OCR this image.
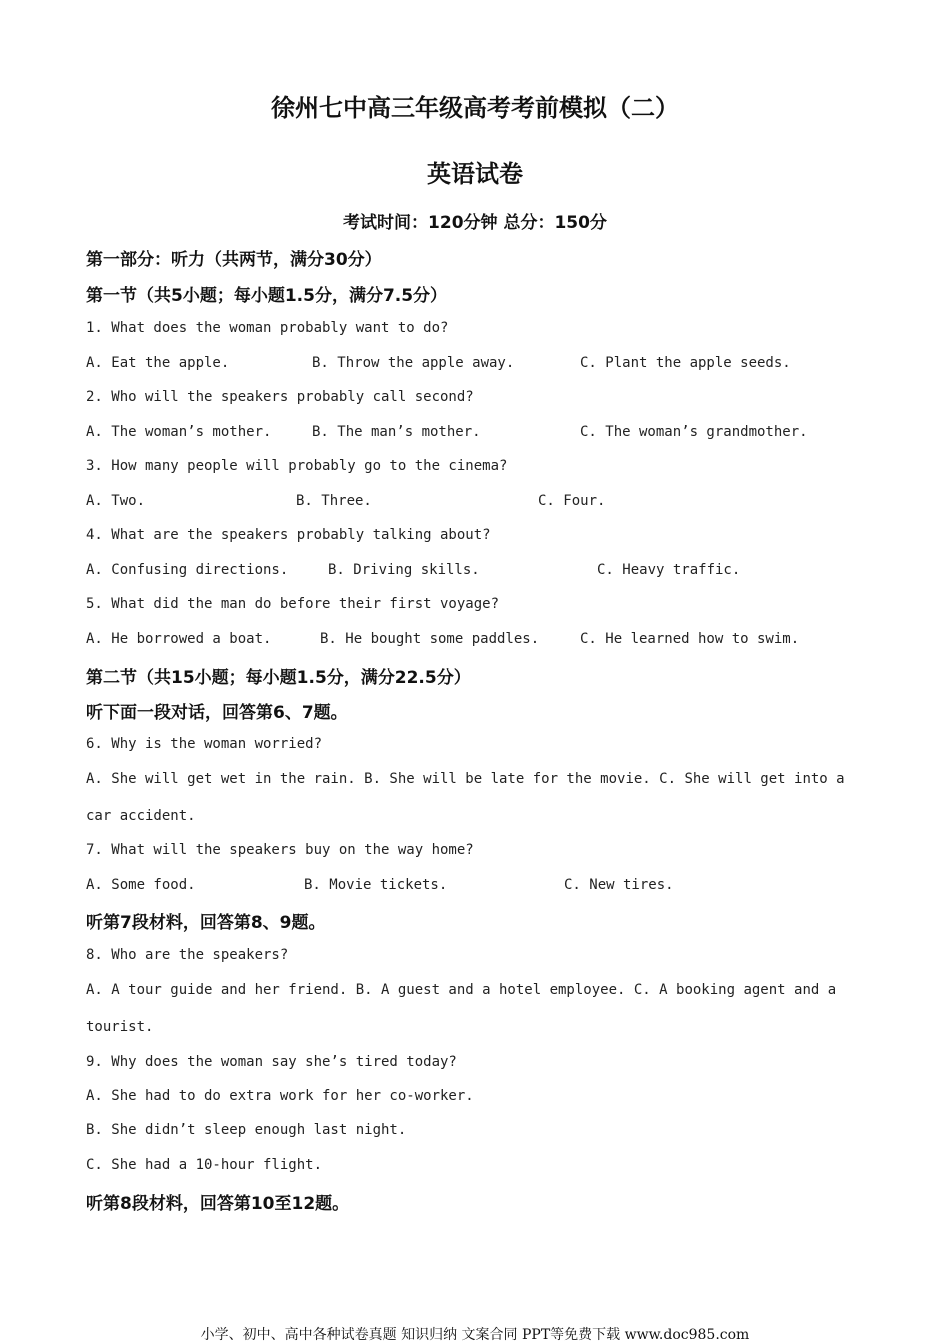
徐州七中高三年级高考考前模拟（二）
英语试卷
考试时间：120分钟 总分：150分
第一部分：听力（共两节，满分30分）
第一节（共5小题；每小题1.5分，满分7.5分）
1. What does the woman probably want to do?
A. Eat the apple.	B. Throw the apple away.	C. Plant the apple seeds.
2. Who will the speakers probably call second?
A. The woman’s mother.	B. The man’s mother.	C. The woman’s grandmother.
3. How many people will probably go to the cinema?
A. Two.	B. Three.	C. Four.
4. What are the speakers probably talking about?
A. Confusing directions.	B. Driving skills.	C. Heavy traffic.
5. What did the man do before their first voyage?
A. He borrowed a boat.	B. He bought some paddles.	C. He learned how to swim.
第二节（共15小题；每小题1.5分，满分22.5分）
听下面一段对话，回答第6、7题。
6. Why is the woman worried?
A. She will get wet in the rain. B. She will be late for the movie. C. She will get into a
car accident.
7. What will the speakers buy on the way home?
A. Some food.	B. Movie tickets.	C. New tires.
听第7段材料，回答第8、9题。
8. Who are the speakers?
A. A tour guide and her friend. B. A guest and a hotel employee. C. A booking agent and a
tourist.
9. Why does the woman say she’s tired today?
A. She had to do extra work for her co-worker.
B. She didn’t sleep enough last night.
C. She had a 10-hour flight.
听第8段材料，回答第10至12题。
小学、初中、高中各种试卷真题 知识归纳 文案合同 PPT等免费下载 www.doc985.com
